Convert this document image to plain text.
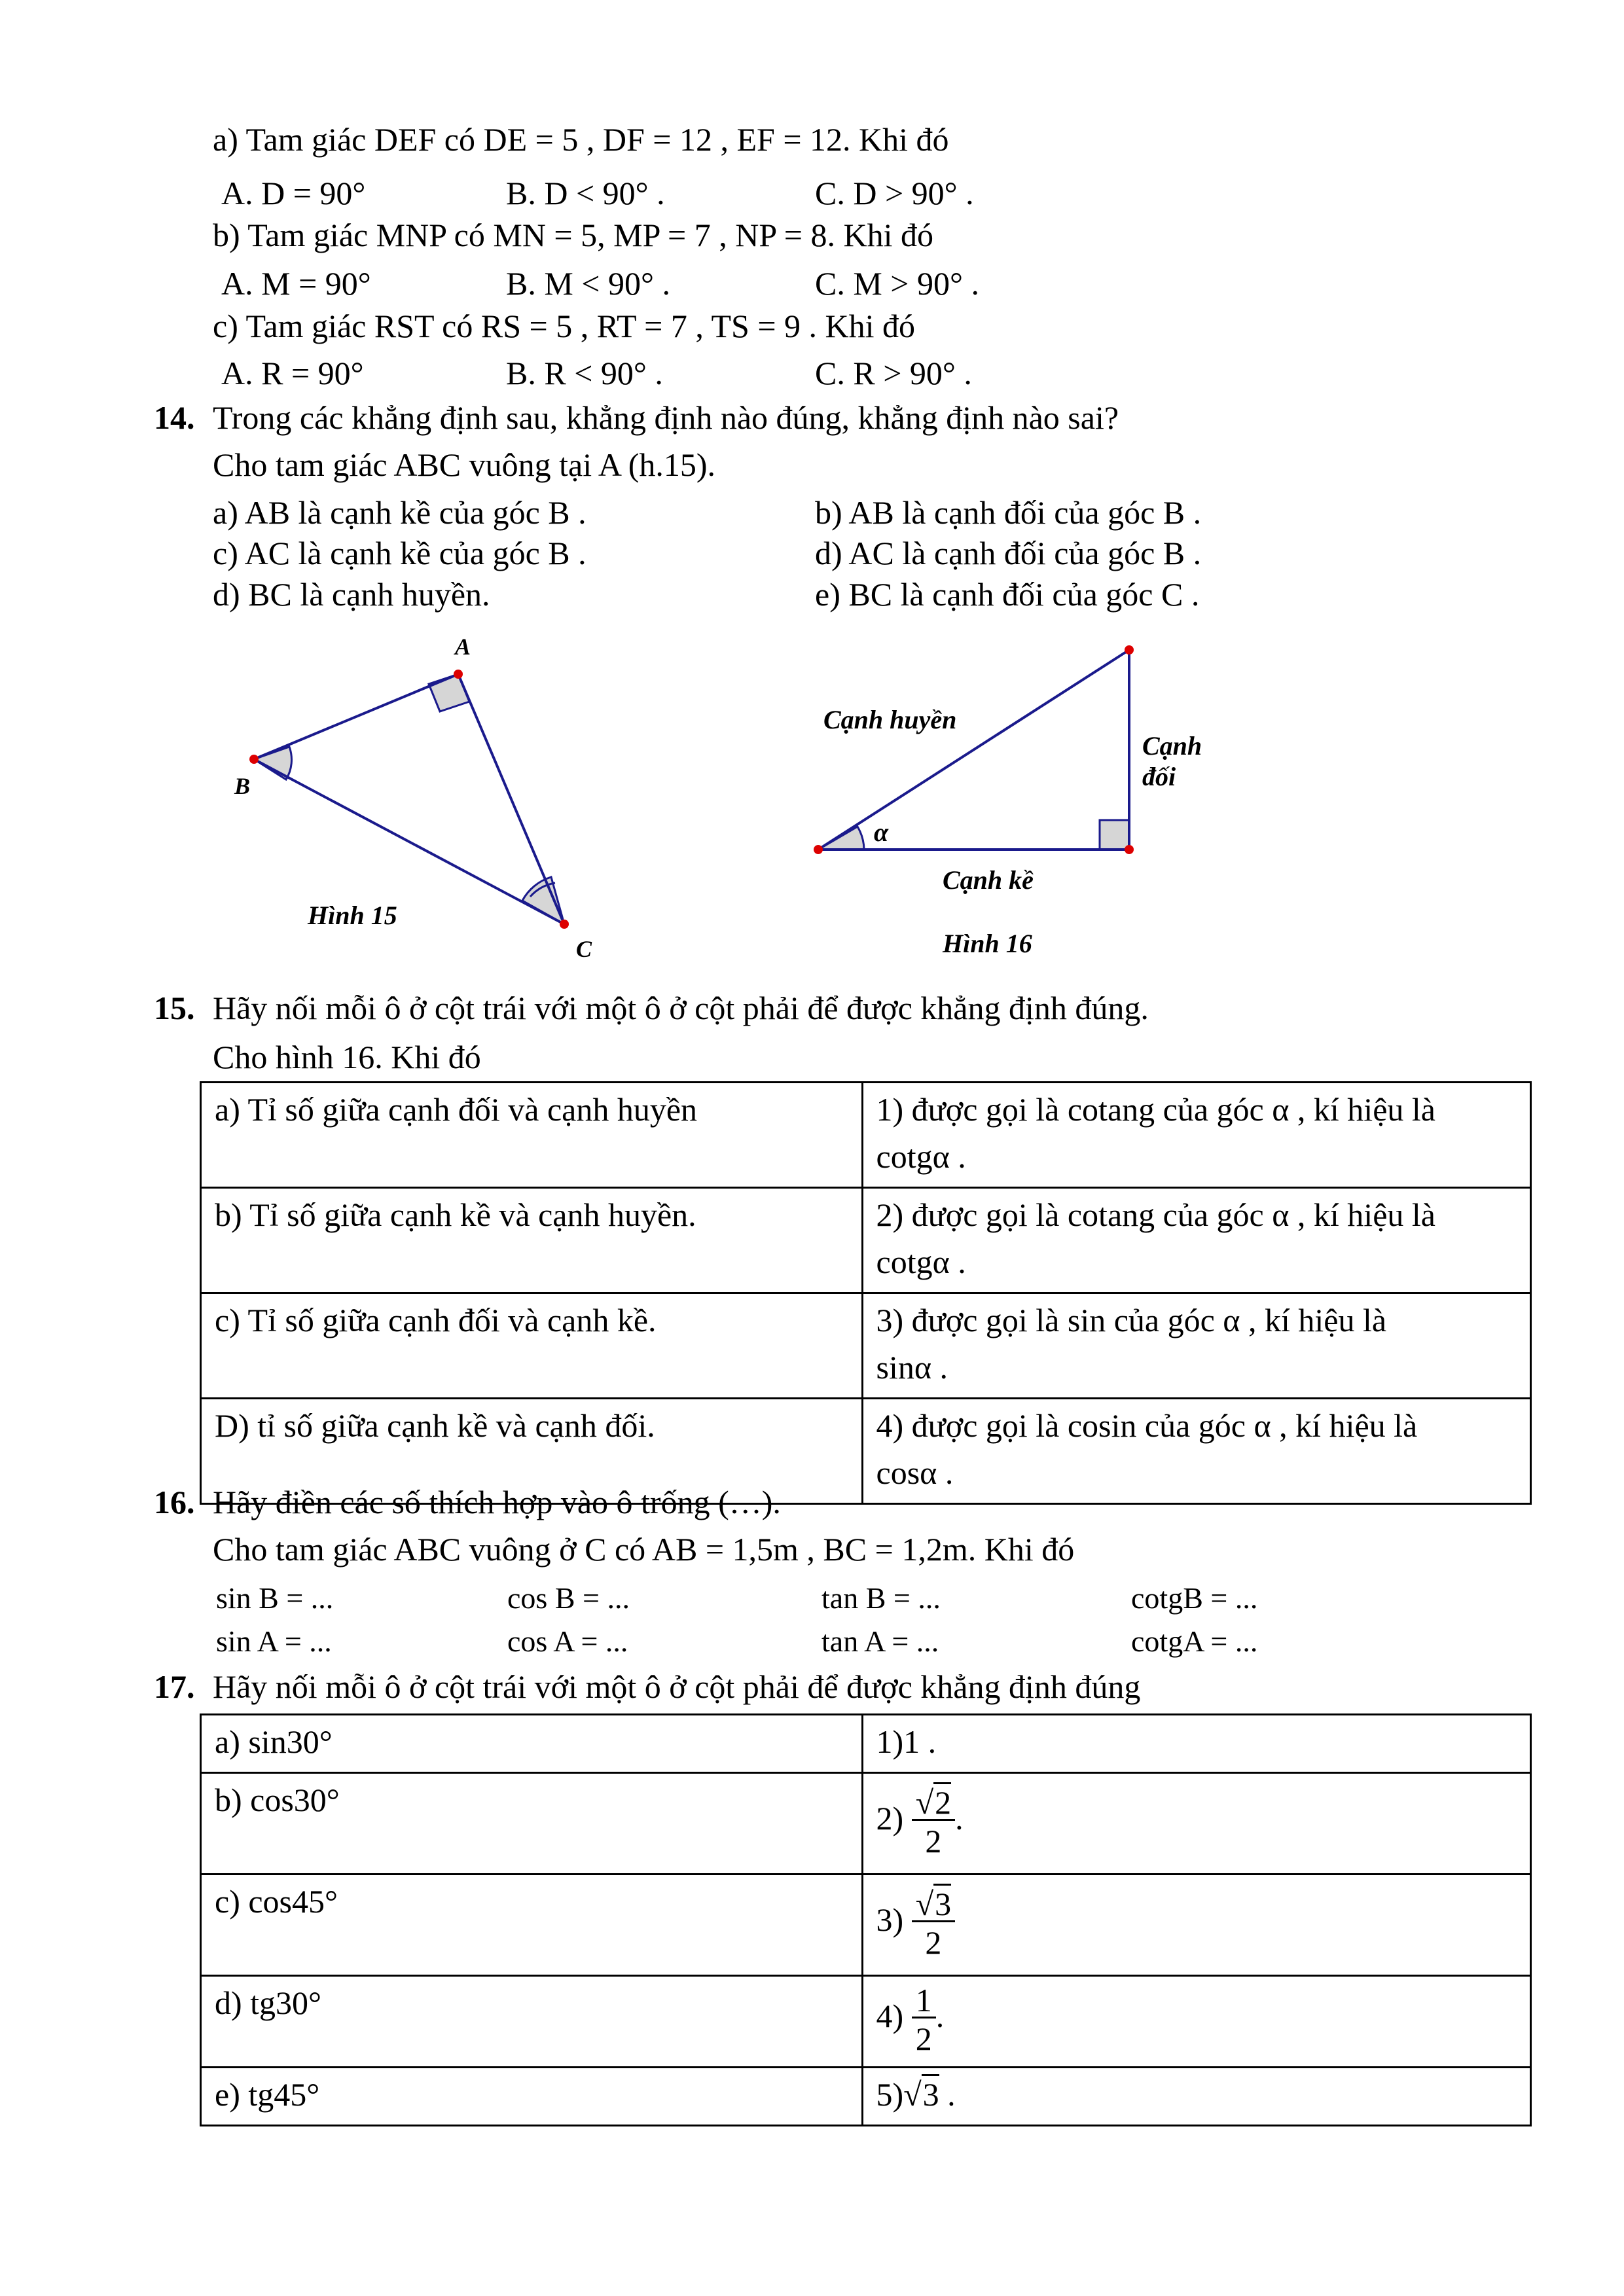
a) Tam giác DEF có DE = 5 , DF = 12 , EF = 12. Khi đó
A. D = 90°	B. D < 90° .	C. D > 90° .
b) Tam giác MNP có MN = 5, MP = 7 , NP = 8. Khi đó
A. M = 90°	B. M < 90° .	C. M > 90° .
c) Tam giác RST có RS = 5 , RT = 7 , TS = 9 . Khi đó
A. R = 90°	B. R < 90° .	C. R > 90° .
14. Trong các khẳng định sau, khẳng định nào đúng, khẳng định nào sai?
Cho tam giác ABC vuông tại A (h.15).
a) AB là cạnh kề của góc B .	b) AB là cạnh đối của góc B .
c) AC là cạnh kề của góc B .	d) AC là cạnh đối của góc B .
d) BC là cạnh huyền.	e) BC là cạnh đối của góc C .
A
B
C
Hình 15
Cạnh huyền
Cạnh
đối
α
Cạnh kề
Hình 16
15. Hãy nối mỗi ô ở cột trái với một ô ở cột phải để được khẳng định đúng.
Cho hình 16. Khi đó
a) Tỉ số giữa cạnh đối và cạnh huyền	1) được gọi là cotang của góc α , kí hiệu là
cotgα .

b) Tỉ số giữa cạnh kề và cạnh huyền.	2) được gọi là cotang của góc α , kí hiệu là
cotgα .

c) Tỉ số giữa cạnh đối và cạnh kề.	3) được gọi là sin của góc α , kí hiệu là
sinα .

D) tỉ số giữa cạnh kề và cạnh đối.	4) được gọi là cosin của góc α , kí hiệu là
cosα .
16. Hãy điền các số thích hợp vào ô trống (…).
Cho tam giác ABC vuông ở C có AB = 1,5m , BC = 1,2m. Khi đó
sin B = ...	cos B = ...	tan B = ...	cotgB = ...
sin A = ...	cos A = ...	tan A = ...	cotgA = ...
17. Hãy nối mỗi ô ở cột trái với một ô ở cột phải để được khẳng định đúng
a) sin30°	1)1 .
b) cos30°	$2) \frac{√2}{2}$ .
c) cos45°	$3) \frac{√3}{2}$

d) tg30°	$4) \frac{1}{2}$ .
e) tg45°	5)√3 .
